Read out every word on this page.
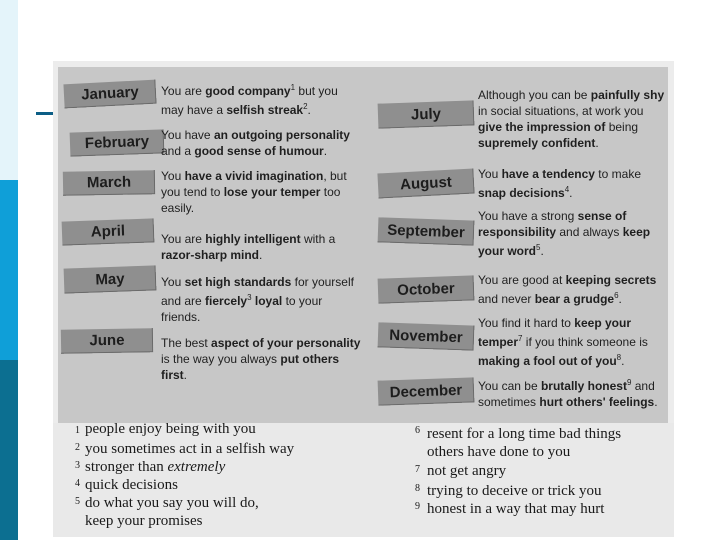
January
February
March
April
May
June

You are good company$^1$ but you may have a selfish streak$^2$.

You have an outgoing personality and a good sense of humour.

You have a vivid imagination, but you tend to lose your temper too easily.

You are highly intelligent with a razor-sharp mind.

You set high standards for yourself and are fiercely$^3$ loyal to your friends.

The best aspect of your personality is the way you always put others first.

July
August
September
October
November
December

Although you can be painfully shy in social situations, at work you give the impression of being supremely confident.

You have a tendency to make snap decisions$^4$.

You have a strong sense of responsibility and always keep your word$^5$.

You are good at keeping secrets and never bear a grudge$^6$.

You find it hard to keep your temper$^7$ if you think someone is making a fool out of you$^8$.

You can be brutally honest$^9$ and sometimes hurt others' feelings.

1 people enjoy being with you
2 you sometimes act in a selfish way
3 stronger than extremely
4 quick decisions
5 do what you say you will do,
keep your promises
6 resent for a long time bad things
others have done to you
7 not get angry
8 trying to deceive or trick you
9 honest in a way that may hurt
